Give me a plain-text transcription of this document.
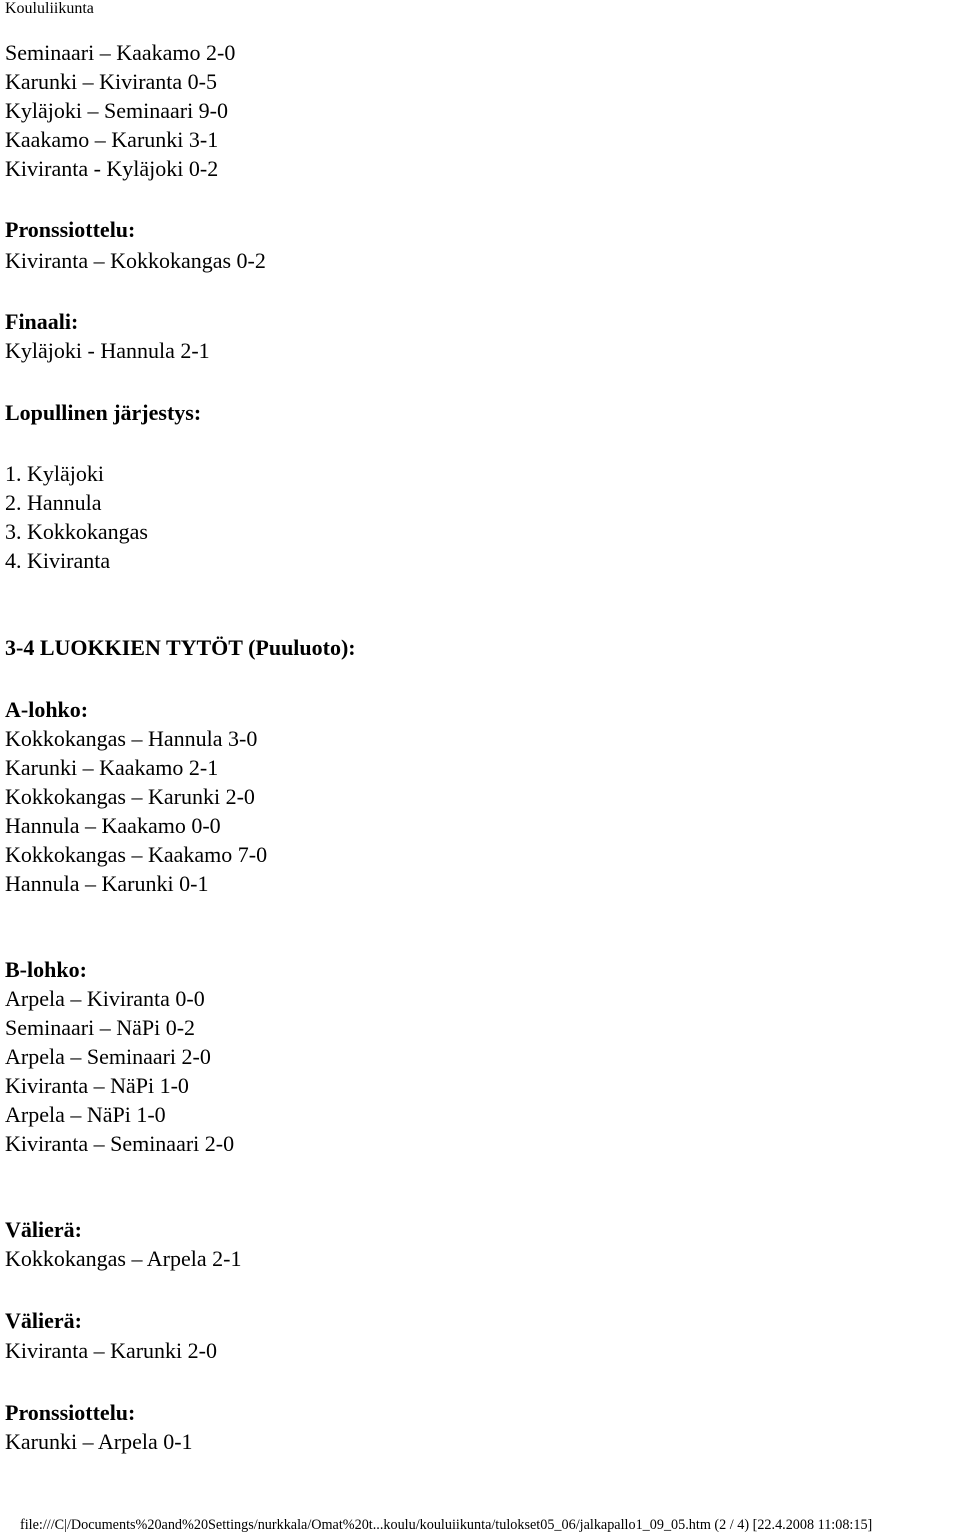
Koululiikunta
Seminaari – Kaakamo 2-0
Karunki – Kiviranta 0-5
Kyläjoki – Seminaari 9-0
Kaakamo – Karunki 3-1
Kiviranta - Kyläjoki 0-2
Pronssiottelu:
Kiviranta – Kokkokangas 0-2
Finaali:
Kyläjoki - Hannula 2-1
Lopullinen järjestys:
1. Kyläjoki
2. Hannula
3. Kokkokangas
4. Kiviranta
3-4 LUOKKIEN TYTÖT (Puuluoto):
A-lohko:
Kokkokangas – Hannula 3-0
Karunki – Kaakamo 2-1
Kokkokangas – Karunki 2-0
Hannula – Kaakamo 0-0
Kokkokangas – Kaakamo 7-0
Hannula – Karunki 0-1
B-lohko:
Arpela – Kiviranta 0-0
Seminaari – NäPi 0-2
Arpela – Seminaari 2-0
Kiviranta – NäPi 1-0
Arpela – NäPi 1-0
Kiviranta – Seminaari 2-0
Välierä:
Kokkokangas – Arpela 2-1
Välierä:
Kiviranta – Karunki 2-0
Pronssiottelu:
Karunki – Arpela 0-1
file:///C|/Documents%20and%20Settings/nurkkala/Omat%20t...koulu/kouluiikunta/tulokset05_06/jalkapallo1_09_05.htm (2 / 4) [22.4.2008 11:08:15]
